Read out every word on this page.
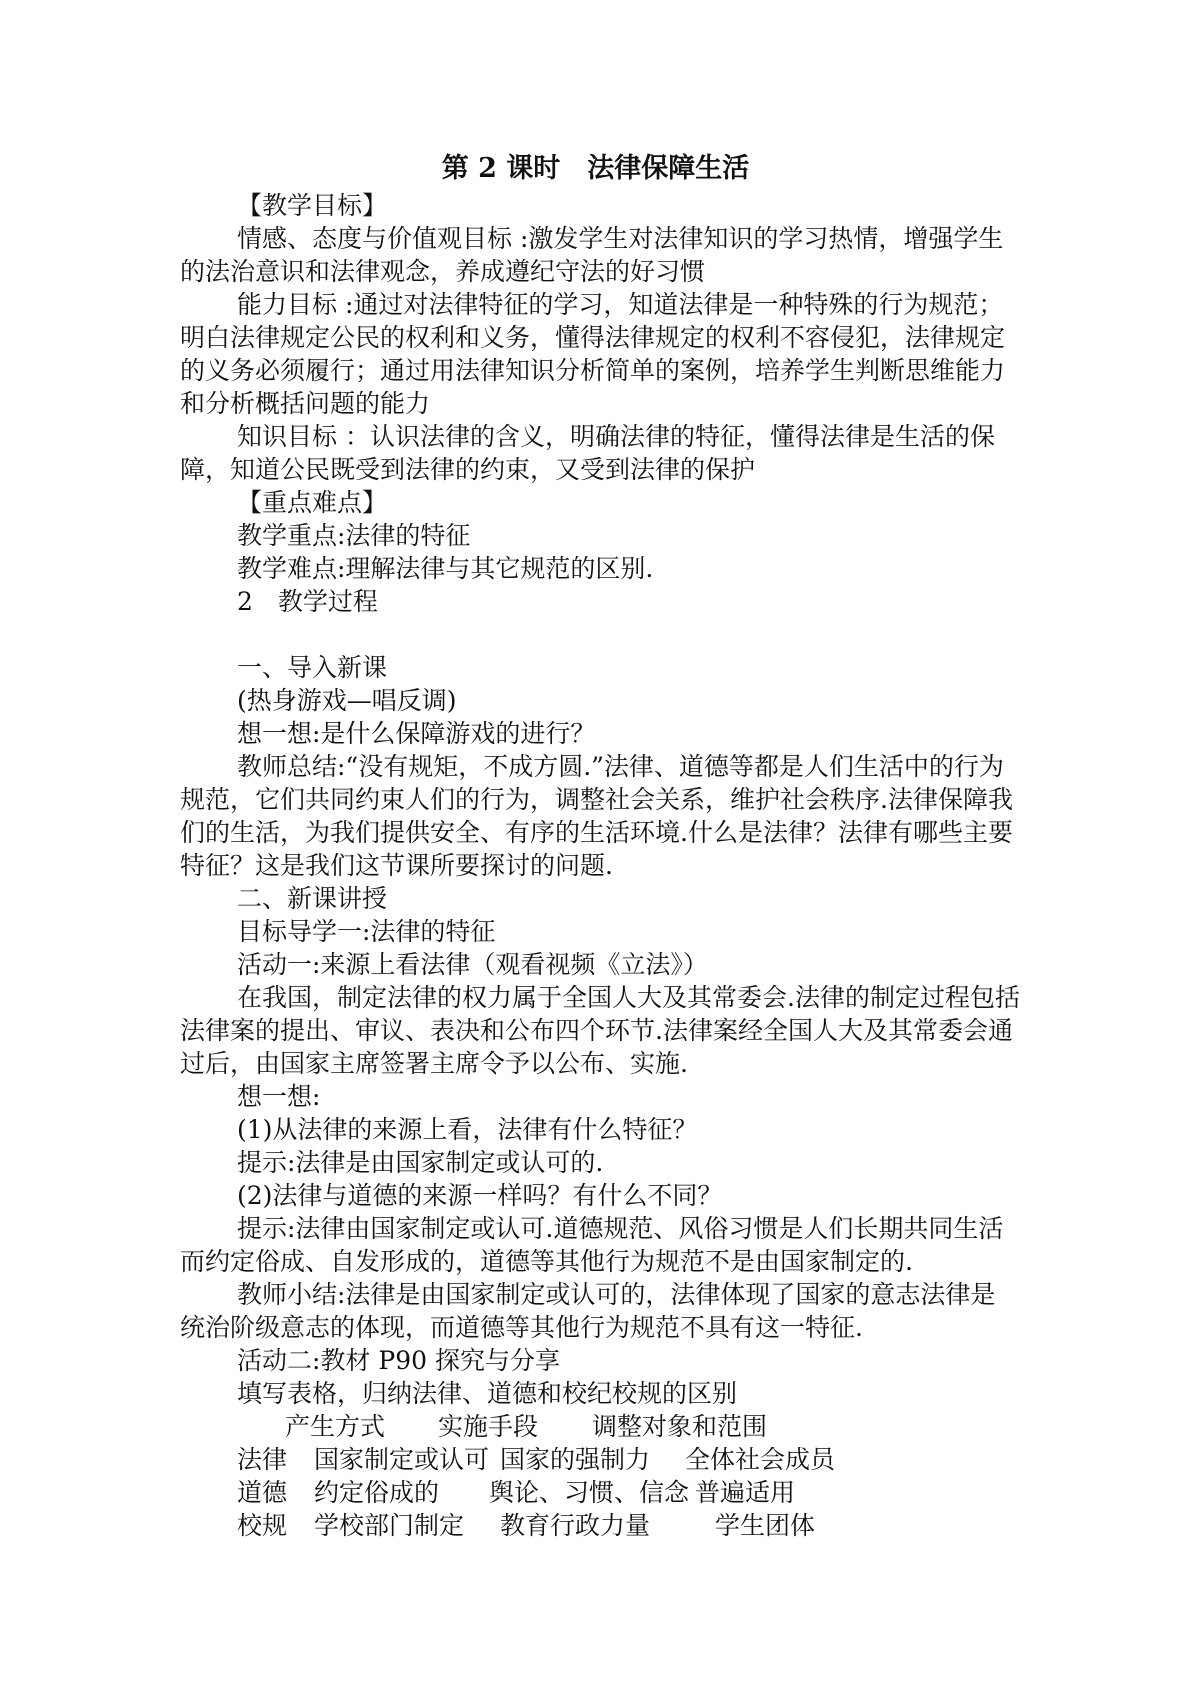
第 2 课时　法律保障生活

【教学目标】

情感、态度与价值观目标 :激发学生对法律知识的学习热情，增强学生的法治意识和法律观念，养成遵纪守法的好习惯

能力目标 :通过对法律特征的学习，知道法律是一种特殊的行为规范；明白法律规定公民的权利和义务，懂得法律规定的权利不容侵犯，法律规定的义务必须履行；通过用法律知识分析简单的案例，培养学生判断思维能力和分析概括问题的能力

知识目标 ：认识法律的含义，明确法律的特征，懂得法律是生活的保障，知道公民既受到法律的约束，又受到法律的保护

【重点难点】

教学重点:法律的特征

教学难点:理解法律与其它规范的区别.

2　教学过程

一、导入新课

(热身游戏—唱反调)

想一想:是什么保障游戏的进行？

教师总结:“没有规矩，不成方圆.”法律、道德等都是人们生活中的行为规范，它们共同约束人们的行为，调整社会关系，维护社会秩序.法律保障我们的生活，为我们提供安全、有序的生活环境.什么是法律？法律有哪些主要特征？这是我们这节课所要探讨的问题.

二、新课讲授

目标导学一:法律的特征

活动一:来源上看法律（观看视频《立法》）

在我国，制定法律的权力属于全国人大及其常委会.法律的制定过程包括法律案的提出、审议、表决和公布四个环节.法律案经全国人大及其常委会通过后，由国家主席签署主席令予以公布、实施.

想一想:

(1)从法律的来源上看，法律有什么特征？

提示:法律是由国家制定或认可的.

(2)法律与道德的来源一样吗？有什么不同？

提示:法律由国家制定或认可.道德规范、风俗习惯是人们长期共同生活而约定俗成、自发形成的，道德等其他行为规范不是由国家制定的.

教师小结:法律是由国家制定或认可的，法律体现了国家的意志法律是统治阶级意志的体现，而道德等其他行为规范不具有这一特征.

活动二:教材 P90 探究与分享

填写表格，归纳法律、道德和校纪校规的区别

产生方式 实施手段 调整对象和范围
法律 国家制定或认可 国家的强制力 全体社会成员
道德 约定俗成的 舆论、习惯、信念 普遍适用
校规 学校部门制定 教育行政力量	学生团体
